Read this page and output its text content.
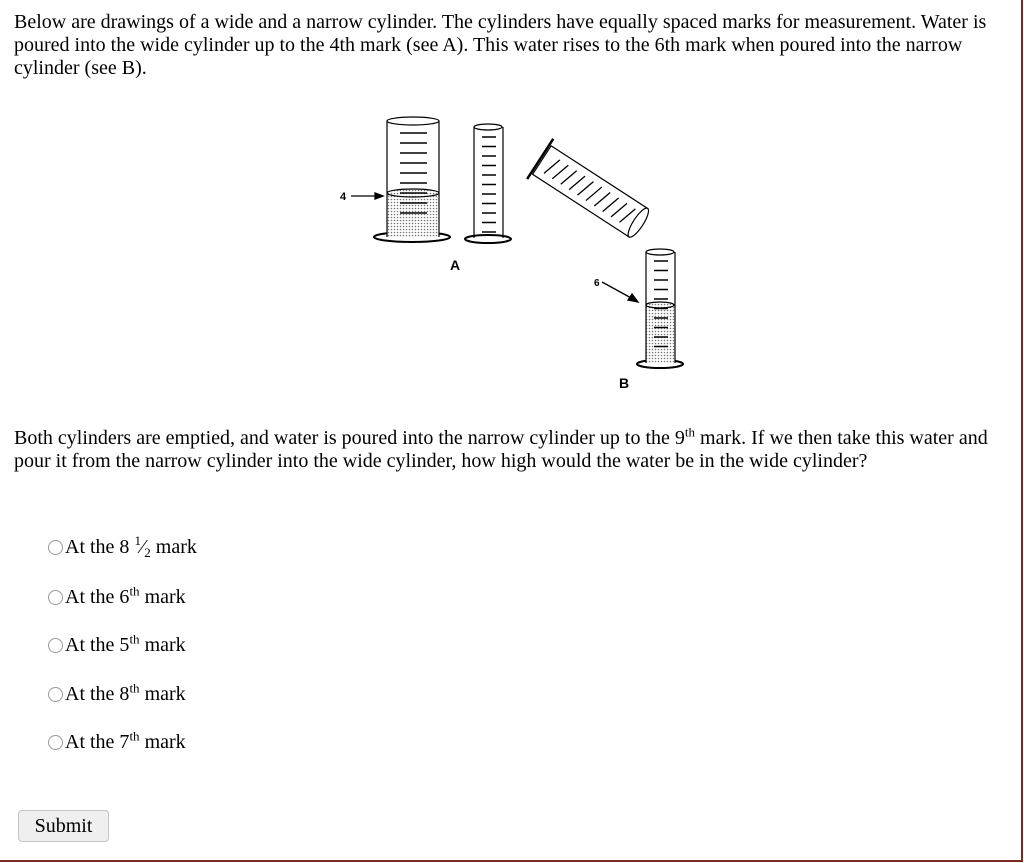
Below are drawings of a wide and a narrow cylinder. The cylinders have equally spaced marks for measurement. Water is poured into the wide cylinder up to the 4th mark (see A). This water rises to the 6th mark when poured into the narrow cylinder (see B).
4
A
6
B
Both cylinders are emptied, and water is poured into the narrow cylinder up to the 9th mark. If we then take this water and pour it from the narrow cylinder into the wide cylinder, how high would the water be in the wide cylinder?
At the 8 $^1⁄_2$ mark
At the 6th mark
At the 5th mark
At the 8th mark
At the 7th mark
Submit
